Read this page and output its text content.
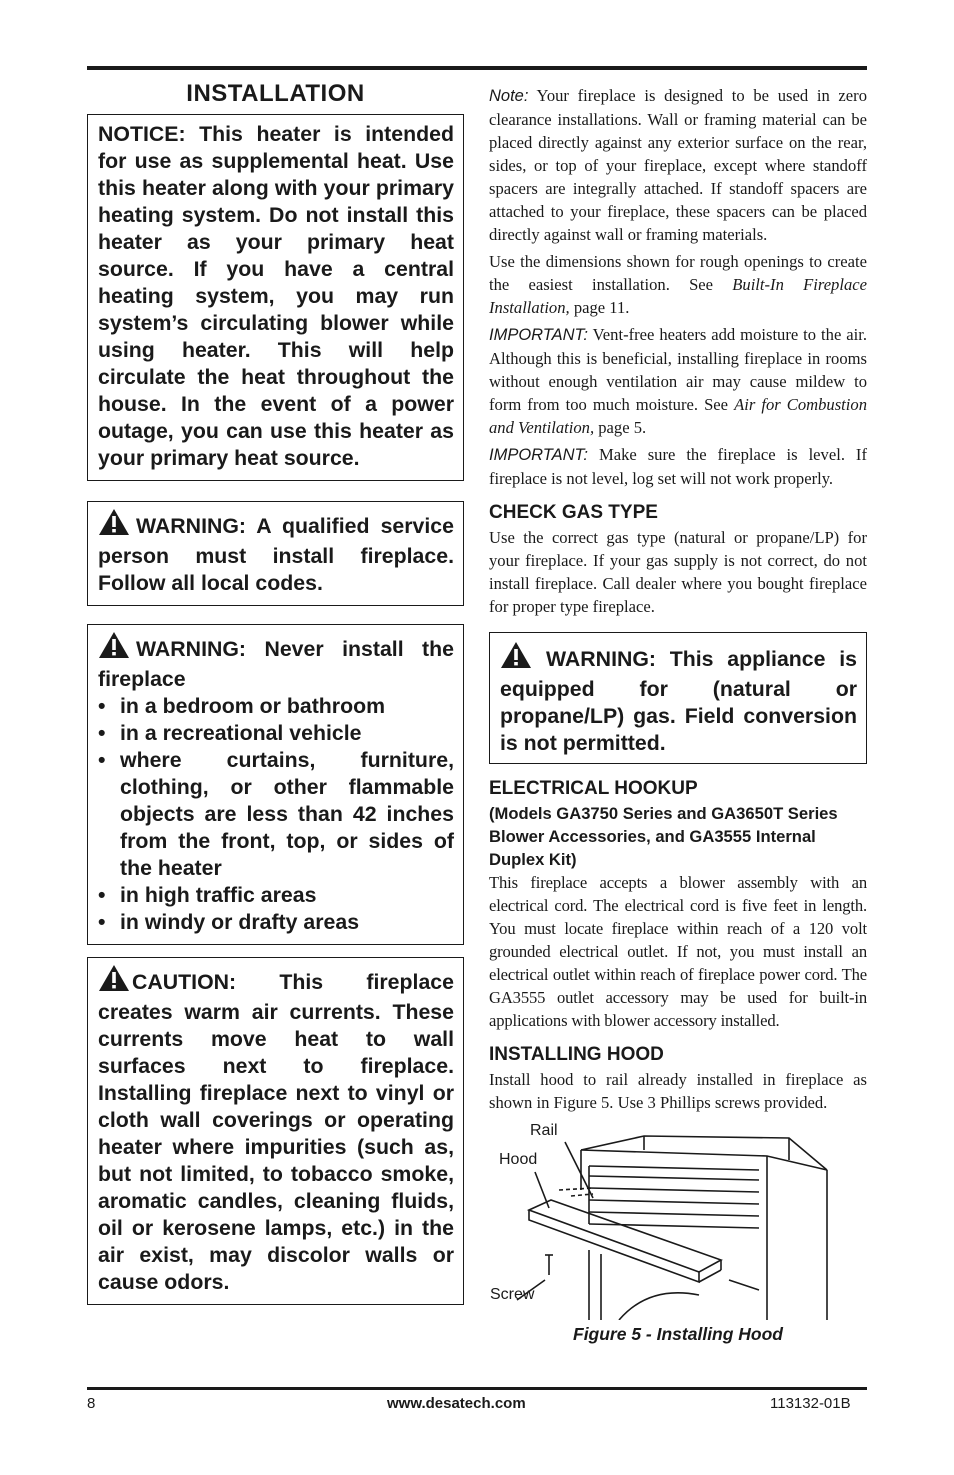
INSTALLATION

NOTICE: This heater is intended for use as supplemental heat. Use this heater along with your primary heating system. Do not install this heater as your primary heat source. If you have a central heating system, you may run system’s circulating blower while using heater. This will help circulate the heat throughout the house. In the event of a power outage, you can use this heater as your primary heat source.

WARNING: A qualified service person must install fireplace. Follow all local codes.

WARNING: Never install the fireplace

• in a bedroom or bathroom
• in a recreational vehicle
• where curtains, furniture, clothing, or other flammable objects are less than 42 inches from the front, top, or sides of the heater
• in high traffic areas
• in windy or drafty areas

CAUTION: This fireplace creates warm air currents. These currents move heat to wall surfaces next to fireplace. Installing fireplace next to vinyl or cloth wall coverings or operating heater where impurities (such as, but not limited, to tobacco smoke, aromatic candles, cleaning fluids, oil or kerosene lamps, etc.) in the air exist, may discolor walls or cause odors.

Note: Your fireplace is designed to be used in zero clearance installations. Wall or framing material can be placed directly against any exterior surface on the rear, sides, or top of your fireplace, except where standoff spacers are integrally attached. If standoff spacers are attached to your fireplace, these spacers can be placed directly against wall or framing materials.

Use the dimensions shown for rough openings to create the easiest installation. See Built-In Fireplace Installation, page 11.

IMPORTANT: Vent-free heaters add moisture to the air. Although this is beneficial, installing fireplace in rooms without enough ventilation air may cause mildew to form from too much moisture. See Air for Combustion and Ventilation, page 5.

IMPORTANT: Make sure the fireplace is level. If fireplace is not level, log set will not work properly.

CHECK GAS TYPE

Use the correct gas type (natural or propane/LP) for your fireplace. If your gas supply is not correct, do not install fireplace. Call dealer where you bought fireplace for proper type fireplace.

WARNING: This appliance is equipped for (natural or propane/LP) gas. Field conversion is not permitted.

ELECTRICAL HOOKUP

(Models GA3750 Series and GA3650T Series Blower Accessories, and GA3555 Internal Duplex Kit)

This fireplace accepts a blower assembly with an electrical cord. The electrical cord is five feet in length. You must locate fireplace within reach of a 120 volt grounded electrical outlet. If not, you must install an electrical outlet within reach of fireplace power cord. The GA3555 outlet accessory may be used for built-in applications with blower accessory installed.

INSTALLING HOOD

Install hood to rail already installed in fireplace as shown in Figure 5. Use 3 Phillips screws provided.

Rail
Hood
Screw
Figure 5 - Installing Hood
8	www.desatech.com	113132-01B
